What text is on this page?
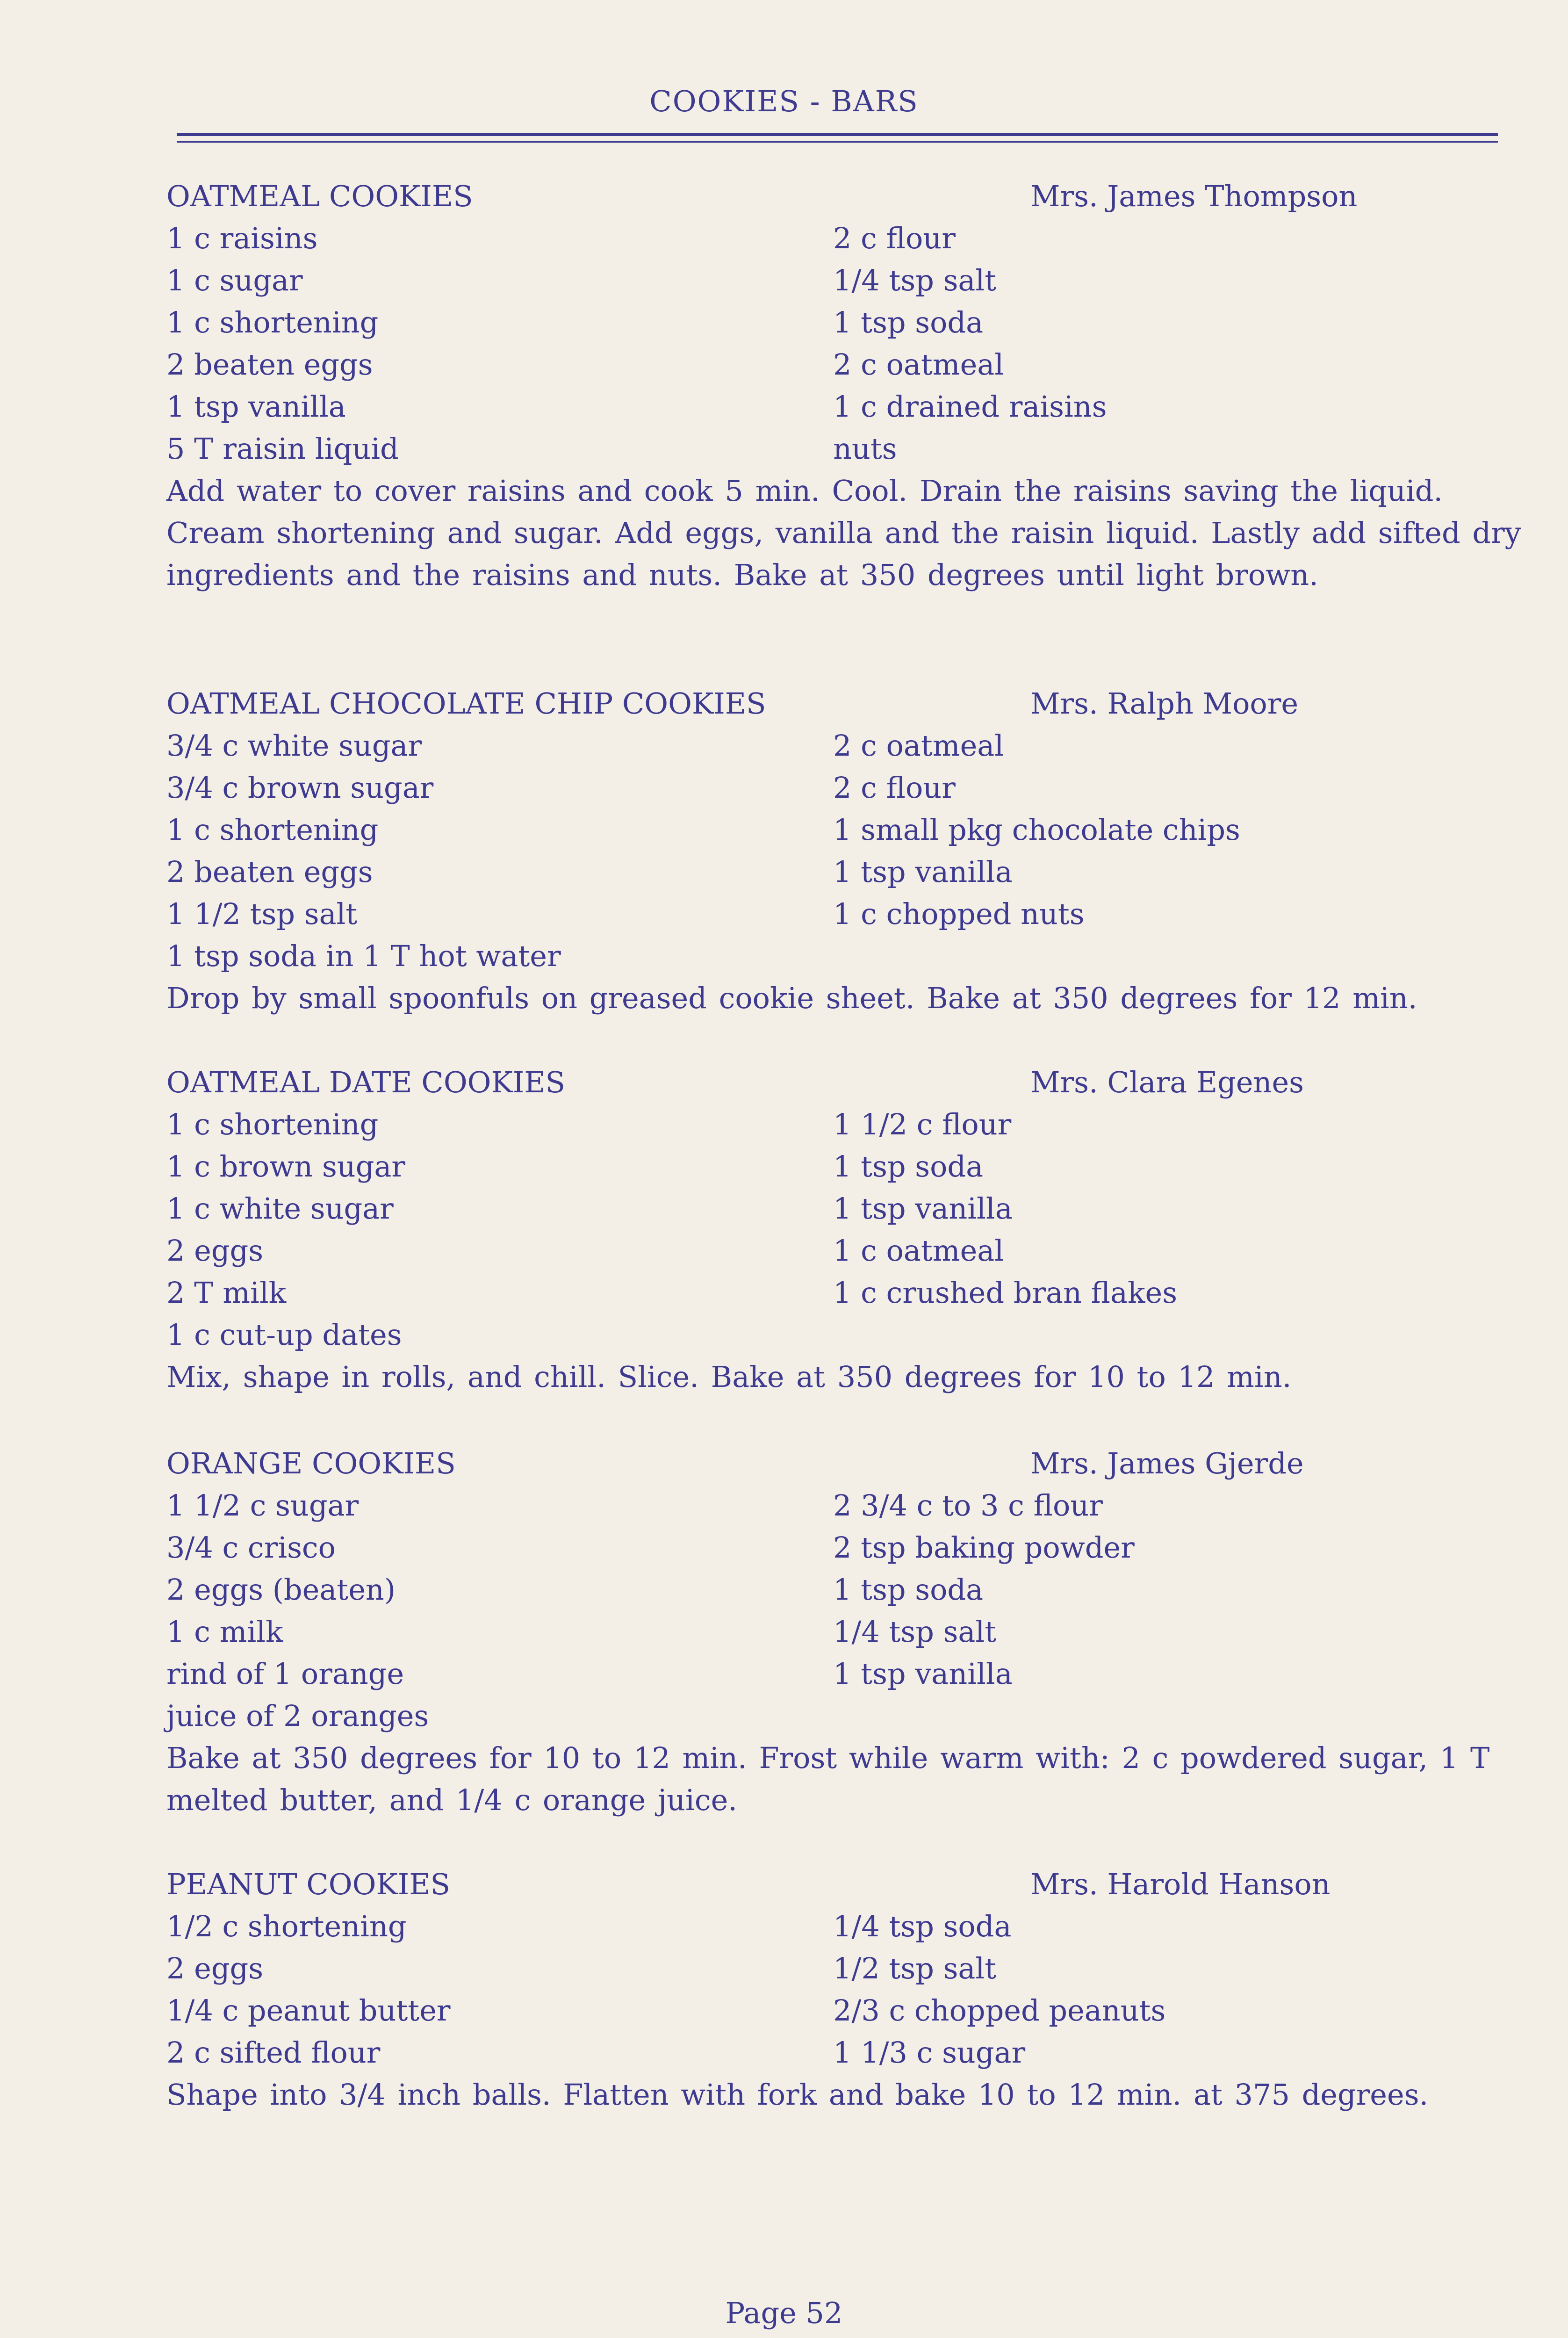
COOKIES - BARS
OATMEAL COOKIES	Mrs. James Thompson
1 c raisins	2 c flour
1 c sugar	1/4 tsp salt
1 c shortening	1 tsp soda
2 beaten eggs	2 c oatmeal
1 tsp vanilla	1 c drained raisins
5 T raisin liquid	nuts
Add water to cover raisins and cook 5 min. Cool. Drain the raisins saving the liquid. Cream shortening and sugar. Add eggs, vanilla and the raisin liquid. Lastly add sifted dry ingredients and the raisins and nuts. Bake at 350 degrees until light brown.
OATMEAL CHOCOLATE CHIP COOKIES	Mrs. Ralph Moore
3/4 c white sugar	2 c oatmeal
3/4 c brown sugar	2 c flour
1 c shortening	1 small pkg chocolate chips
2 beaten eggs	1 tsp vanilla
1 1/2 tsp salt	1 c chopped nuts
1 tsp soda in 1 T hot water
Drop by small spoonfuls on greased cookie sheet. Bake at 350 degrees for 12 min.
OATMEAL DATE COOKIES	Mrs. Clara Egenes
1 c shortening	1 1/2 c flour
1 c brown sugar	1 tsp soda
1 c white sugar	1 tsp vanilla
2 eggs	1 c oatmeal
2 T milk	1 c crushed bran flakes
1 c cut-up dates
Mix, shape in rolls, and chill. Slice. Bake at 350 degrees for 10 to 12 min.
ORANGE COOKIES	Mrs. James Gjerde
1 1/2 c sugar	2 3/4 c to 3 c flour
3/4 c crisco	2 tsp baking powder
2 eggs (beaten)	1 tsp soda
1 c milk	1/4 tsp salt
rind of 1 orange	1 tsp vanilla
juice of 2 oranges
Bake at 350 degrees for 10 to 12 min. Frost while warm with: 2 c powdered sugar, 1 T melted butter, and 1/4 c orange juice.
PEANUT COOKIES	Mrs. Harold Hanson
1/2 c shortening	1/4 tsp soda
2 eggs	1/2 tsp salt
1/4 c peanut butter	2/3 c chopped peanuts
2 c sifted flour	1 1/3 c sugar
Shape into 3/4 inch balls. Flatten with fork and bake 10 to 12 min. at 375 degrees.
Page 52
